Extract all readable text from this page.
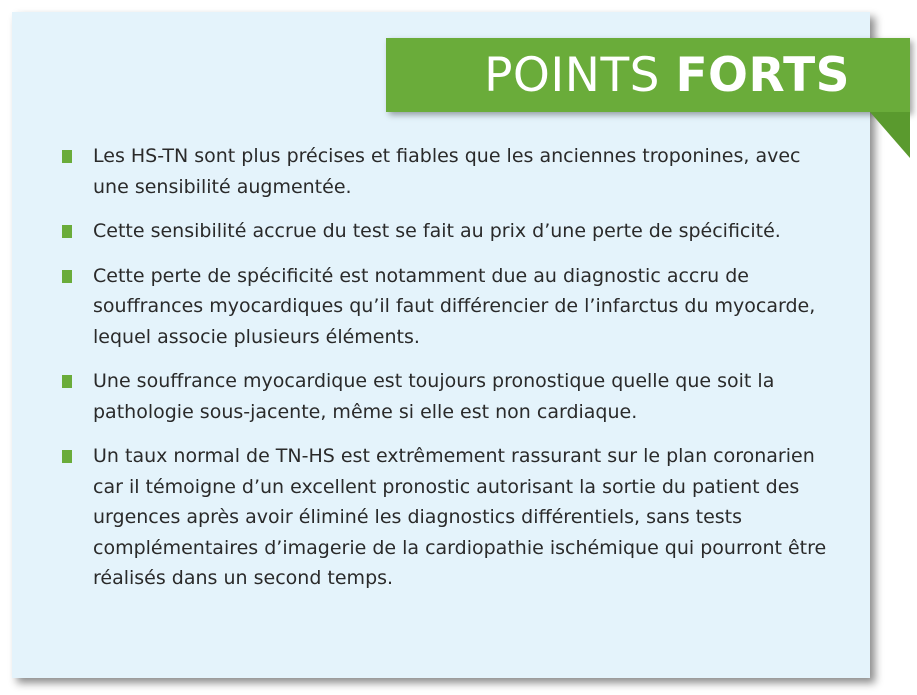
POINTS FORTS
Les HS-TN sont plus précises et fiables que les anciennes troponines, avec une sensibilité augmentée.
Cette sensibilité accrue du test se fait au prix d’une perte de spécificité.
Cette perte de spécificité est notamment due au diagnostic accru de souffrances myocardiques qu’il faut différencier de l’infarctus du myocarde, lequel associe plusieurs éléments.
Une souffrance myocardique est toujours pronostique quelle que soit la pathologie sous-jacente, même si elle est non cardiaque.
Un taux normal de TN-HS est extrêmement rassurant sur le plan coronarien car il témoigne d’un excellent pronostic autorisant la sortie du patient des urgences après avoir éliminé les diagnostics différentiels, sans tests complémentaires d’imagerie de la cardiopathie ischémique qui pourront être réalisés dans un second temps.
